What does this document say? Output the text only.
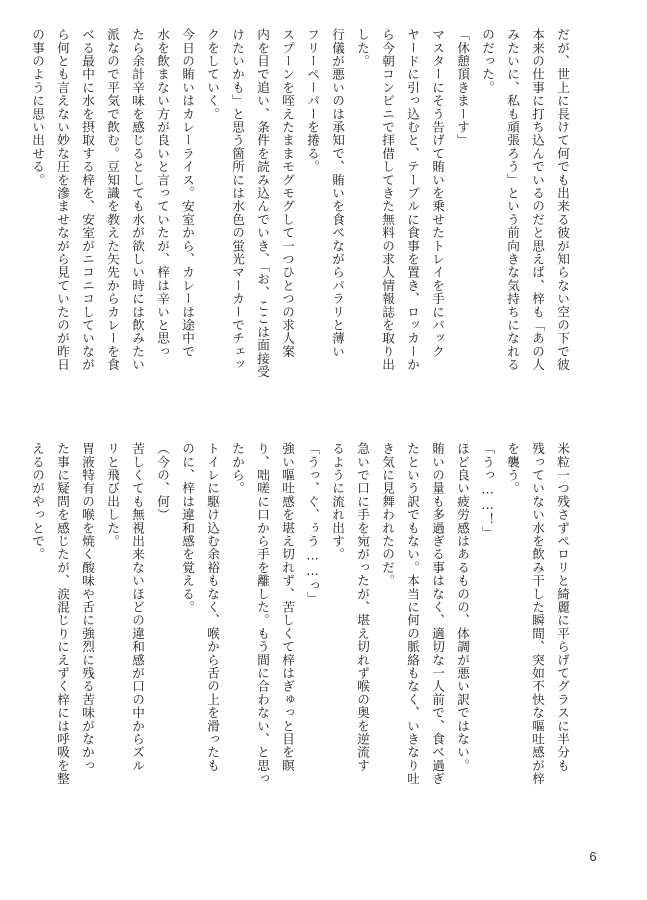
だが、世上に長けて何でも出来る彼が知らない空の下で彼
本来の仕事に打ち込んでいるのだと思えば、梓も「あの人
みたいに、私も頑張ろう」という前向きな気持ちになれる
のだった。
「休憩頂きまーす」
マスターにそう告げて賄いを乗せたトレイを手にバック
ヤードに引っ込むと、テーブルに食事を置き、ロッカーか
ら今朝コンビニで拝借してきた無料の求人情報誌を取り出
した。
行儀が悪いのは承知で、賄いを食べながらパラリと薄い
フリーペーパーを捲る。
スプーンを咥えたままモグモグして一つひとつの求人案
内を目で追い、条件を読み込んでいき、「お、ここは面接受
けたいかも」と思う箇所には水色の蛍光マーカーでチェッ
クをしていく。
今日の賄いはカレーライス。安室から、カレーは途中で
水を飲まない方が良いと言っていたが、梓は辛いと思っ
たら余計辛味を感じるとしても水が欲しい時には飲みたい
派なので平気で飲む。豆知識を教えた矢先からカレーを食
べる最中に水を摂取する梓を、安室がニコニコしていなが
ら何とも言えない妙な圧を滲ませながら見ていたのが昨日
の事のように思い出せる。
米粒一つ残さずペロリと綺麗に平らげてグラスに半分も
残っていない水を飲み干した瞬間、突如不快な嘔吐感が梓
を襲う。
「うっ……！」
ほど良い疲労感はあるものの、体調が悪い訳ではない。
賄いの量も多過ぎる事はなく、適切な一人前で、食べ過ぎ
たという訳でもない。本当に何の脈絡もなく、いきなり吐
き気に見舞われたのだ。
急いで口に手を宛がったが、堪え切れず喉の奥を逆流す
るように流れ出す。
「うっ、ぐ、ぅう……っ」
強い嘔吐感を堪え切れず、苦しくて梓はぎゅっと目を瞑
り、咄嗟に口から手を離した。もう間に合わない、と思っ
たから。
トイレに駆け込む余裕もなく、喉から舌の上を滑ったも
のに、梓は違和感を覚える。
（今の、何）
苦しくても無視出来ないほどの違和感が口の中からズル
リと飛び出した。
胃液特有の喉を焼く酸味や舌に強烈に残る苦味がなかっ
た事に疑問を感じたが、涙混じりにえずく梓には呼吸を整
えるのがやっとで。
6
